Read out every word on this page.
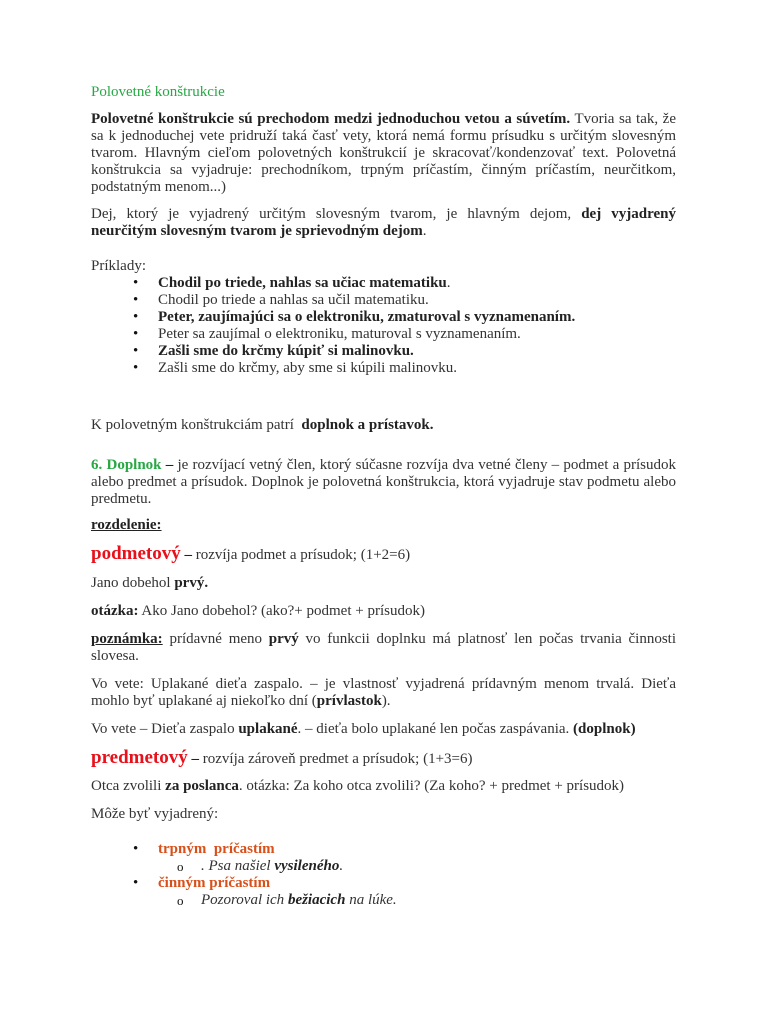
Polovetné konštrukcie

Polovetné konštrukcie sú prechodom medzi jednoduchou vetou a súvetím. Tvoria sa tak, že sa k jednoduchej vete pridruží taká časť vety, ktorá nemá formu prísudku s určitým slovesným tvarom. Hlavným cieľom polovetných konštrukcií je skracovať/kondenzovať text. Polovetná konštrukcia sa vyjadruje: prechodníkom, trpným príčastím, činným príčastím, neurčitkom, podstatným menom...)

Dej, ktorý je vyjadrený určitým slovesným tvarom, je hlavným dejom, dej vyjadrený neurčitým slovesným tvarom je sprievodným dejom.

Príklady:

• Chodil po triede, nahlas sa učiac matematiku.
• Chodil po triede a nahlas sa učil matematiku.
• Peter, zaujímajúci sa o elektroniku, zmaturoval s vyznamenaním.
• Peter sa zaujímal o elektroniku, maturoval s vyznamenaním.
• Zašli sme do krčmy kúpiť si malinovku.
• Zašli sme do krčmy, aby sme si kúpili malinovku.

K polovetným konštrukciám patrí  doplnok a prístavok.

6. Doplnok – je rozvíjací vetný člen, ktorý súčasne rozvíja dva vetné členy – podmet a prísudok alebo predmet a prísudok. Doplnok je polovetná konštrukcia, ktorá vyjadruje stav podmetu alebo predmetu.

rozdelenie:

podmetový – rozvíja podmet a prísudok; (1+2=6)

Jano dobehol prvý.

otázka: Ako Jano dobehol? (ako?+ podmet + prísudok)

poznámka: prídavné meno prvý vo funkcii doplnku má platnosť len počas trvania činnosti slovesa.

Vo vete: Uplakané dieťa zaspalo. – je vlastnosť vyjadrená prídavným menom trvalá. Dieťa mohlo byť uplakané aj niekoľko dní (prívlastok).

Vo vete – Dieťa zaspalo uplakané. – dieťa bolo uplakané len počas zaspávania. (doplnok)

predmetový – rozvíja zároveň predmet a prísudok; (1+3=6)

Otca zvolili za poslanca. otázka: Za koho otca zvolili? (Za koho? + predmet + prísudok)

Môže byť vyjadrený:

• trpným  príčastím
o . Psa našiel vysileného.
• činným príčastím
o Pozoroval ich bežiacich na lúke.
